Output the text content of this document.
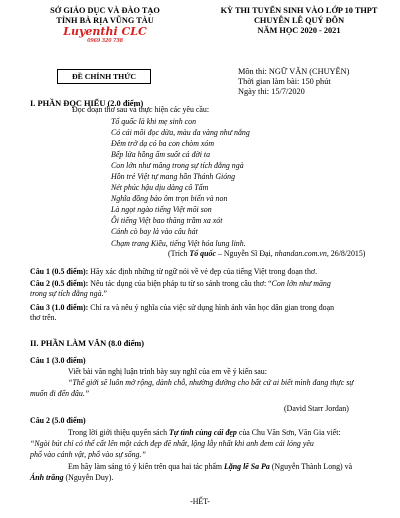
SỞ GIÁO DỤC VÀ ĐÀO TẠO
TỈNH BÀ RỊA VŨNG TÀU
Luyenthi CLC
0969 320 738
ĐỀ CHÍNH THỨC
KỲ THI TUYỂN SINH VÀO LỚP 10 THPT
CHUYÊN LÊ QUÝ ĐÔN
NĂM HỌC 2020 - 2021
Môn thi: NGỮ VĂN (CHUYÊN)
Thời gian làm bài: 150 phút
Ngày thi: 15/7/2020
I. PHẦN ĐỌC HIỂU (2.0 điểm)
Đọc đoạn thơ sau và thực hiện các yêu cầu:
Tổ quốc là khi mẹ sinh con
Có cái môi đọc dừa, màu da vàng như nắng
Đêm trở dạ có ba con chòm xóm
Bếp lửa hồng ấm suốt cả đời ta
Con lớn như măng trong sự tích đằng ngà
Hồn trẻ Việt tự mang hồn Thánh Gióng
Nét phúc hậu dịu dàng cô Tấm
Nghĩa đồng bào ôm trọn biển và non
Là ngọt ngào tiếng Việt mõi son
Ôi tiếng Việt bao thăng trầm xa xót
Cánh cò bay lả vào câu hát
Chạm trang Kiều, tiếng Việt hóa lung linh.
(Trích Tổ quốc – Nguyễn Sĩ Đại, nhandan.com.vn, 26/8/2015)
Câu 1 (0.5 điểm): Hãy xác định những từ ngữ nói về vẻ đẹp của tiếng Việt trong đoạn thơ.
Câu 2 (0.5 điểm): Nêu tác dụng của biện pháp tu từ so sánh trong câu thơ: “Con lớn như măng
trong sự tích đằng ngà.”
Câu 3 (1.0 điểm): Chỉ ra và nêu ý nghĩa của việc sử dụng hình ảnh văn học dân gian trong đoạn
thơ trên.
II. PHẦN LÀM VĂN (8.0 điểm)
Câu 1 (3.0 điểm)
Viết bài văn nghị luận trình bày suy nghĩ của em về ý kiến sau:
“Thế giới sẽ luôn mở rộng, dành chỗ, nhường đường cho bất cứ ai biết mình đang thực sự
muốn đi đến đâu.”
(David Starr Jordan)
Câu 2 (5.0 điểm)
Trong lời giới thiệu quyển sách Tự tình cùng cái đẹp của Chu Văn Sơn, Văn Gia viết:
“Ngòi bút chỉ có thể cất lên một cách đẹp đẽ nhất, lộng lẫy nhất khi anh đem cái lóng yêu
phổ vào cảnh vật, phổ vào sự sống.”
Em hãy làm sáng tỏ ý kiến trên qua hai tác phẩm Lặng lẽ Sa Pa (Nguyễn Thành Long) và
Ánh trăng (Nguyễn Duy).
-HẾT-
